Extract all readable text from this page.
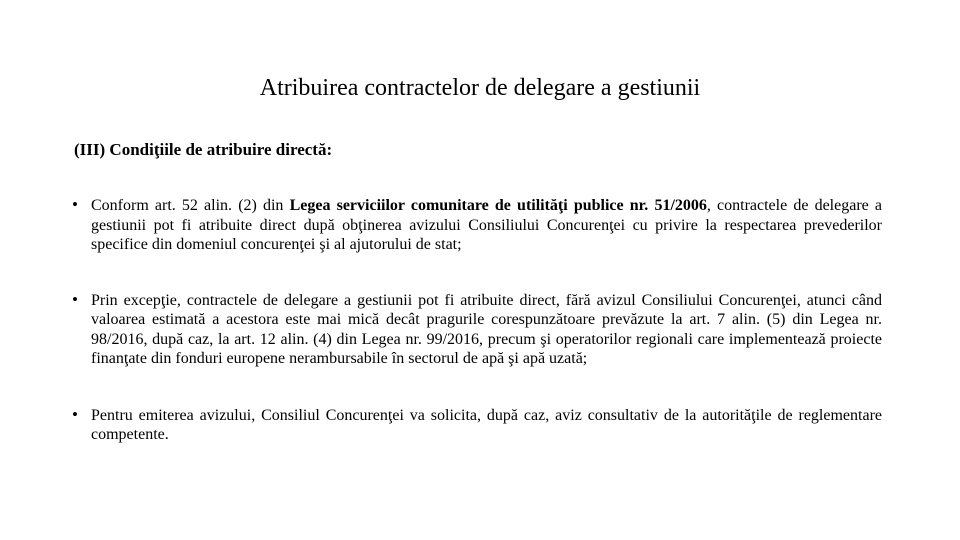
Atribuirea contractelor de delegare a gestiunii
(III) Condiţiile de atribuire directă:
• Conform art. 52 alin. (2) din Legea serviciilor comunitare de utilităţi publice nr. 51/2006, contractele de delegare a gestiunii pot fi atribuite direct după obţinerea avizului Consiliului Concurenţei cu privire la respectarea prevederilor specifice din domeniul concurenţei şi al ajutorului de stat;
• Prin excepţie, contractele de delegare a gestiunii pot fi atribuite direct, fără avizul Consiliului Concurenţei, atunci când valoarea estimată a acestora este mai mică decât pragurile corespunzătoare prevăzute la art. 7 alin. (5) din Legea nr. 98/2016, după caz, la art. 12 alin. (4) din Legea nr. 99/2016, precum şi operatorilor regionali care implementează proiecte finanţate din fonduri europene nerambursabile în sectorul de apă şi apă uzată;
• Pentru emiterea avizului, Consiliul Concurenţei va solicita, după caz, aviz consultativ de la autorităţile de reglementare competente.
